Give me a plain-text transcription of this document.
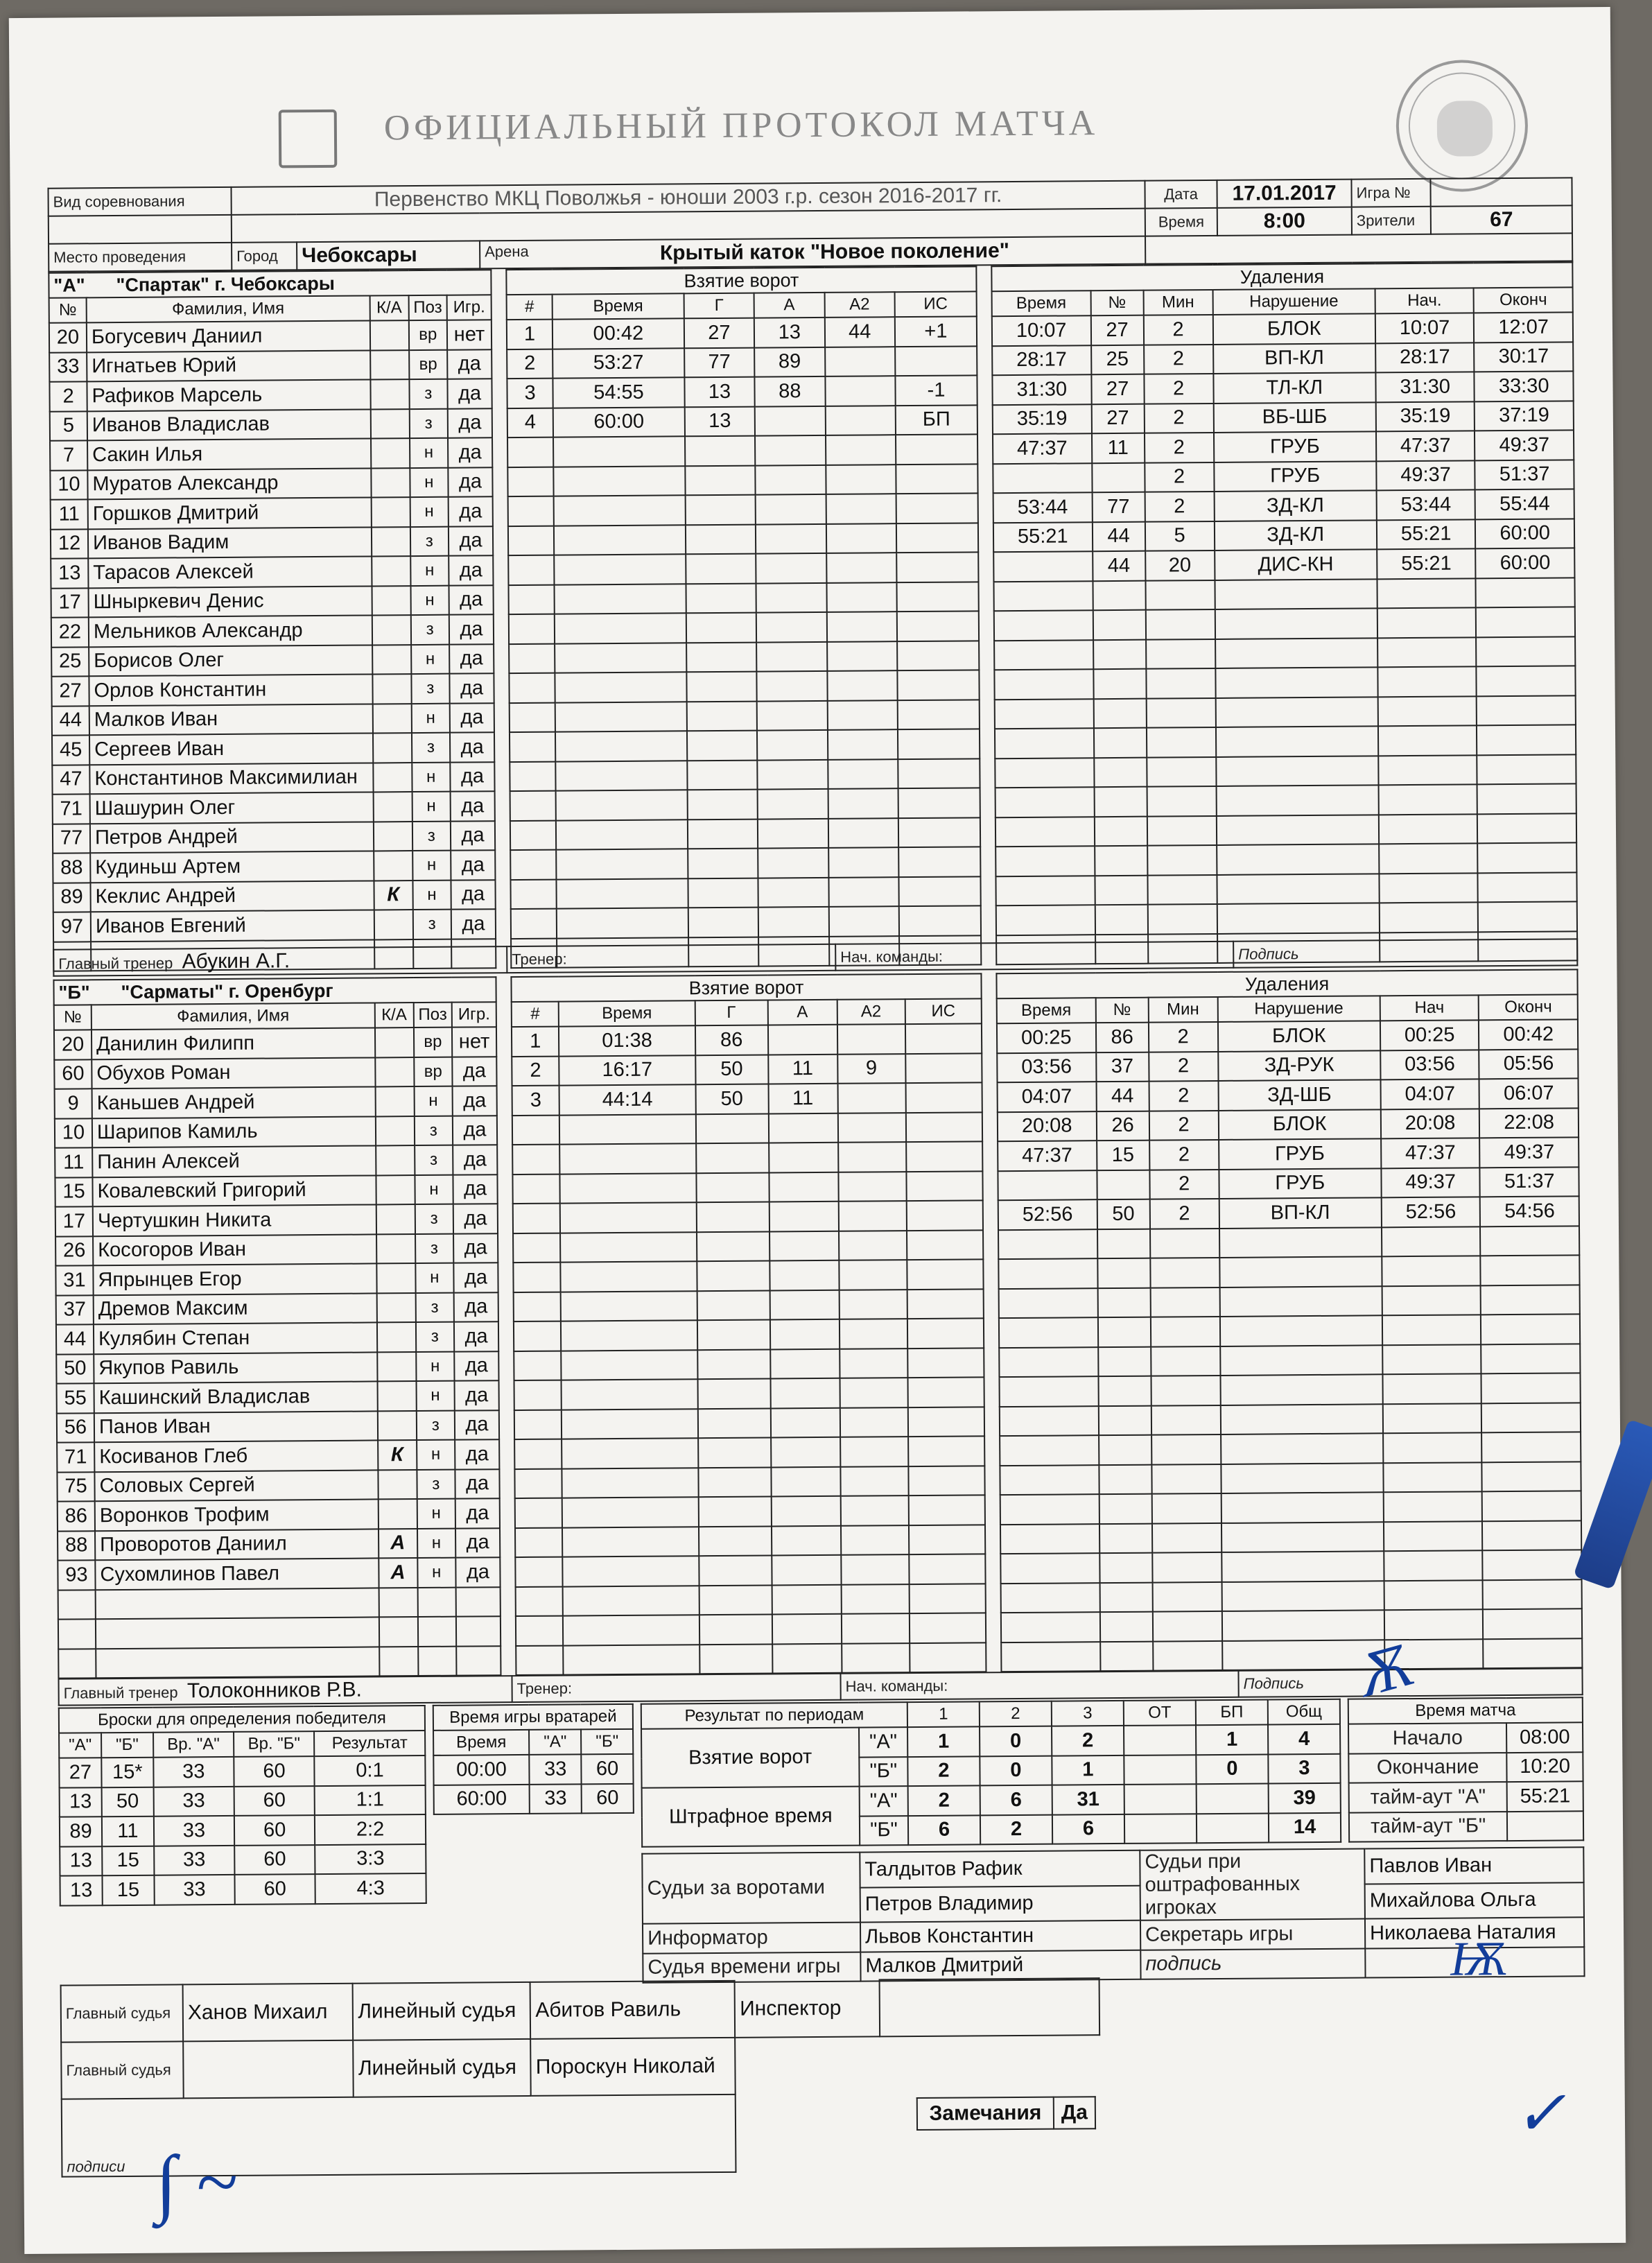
ОФИЦИАЛЬНЫЙ ПРОТОКОЛ МАТЧА
Вид соревнования	Первенство МКЦ Поволжья - юноши 2003 г.р. сезон 2016-2017 гг.			Дата	17.01.2017	Игра №	
				Время	8:00	Зрители	67
Место проведения	Город	Чебоксары	Арена Крытый каток "Новое поколение"				
"А" "Спартак" г. Чебоксары				
№	Фамилия, Имя	К/А	Поз	Игр.
20	Богусевич Даниил		вр	нет
33	Игнатьев Юрий		вр	да
2	Рафиков Марсель		з	да
5	Иванов Владислав		з	да
7	Сакин Илья		н	да
10	Муратов Александр		н	да
11	Горшков Дмитрий		н	да
12	Иванов Вадим		з	да
13	Тарасов Алексей		н	да
17	Шныркевич Денис		н	да
22	Мельников Александр		з	да
25	Борисов Олег		н	да
27	Орлов Константин		з	да
44	Малков Иван		н	да
45	Сергеев Иван		з	да
47	Константинов Максимилиан		н	да
71	Шашурин Олег		н	да
77	Петров Андрей		з	да
88	Кудиньш Артем		н	да
89	Кеклис Андрей	К	н	да
97	Иванов Евгений		з	да

Взятие ворот					
#	Время	Г	А	А2	ИС
1	00:42	27	13	44	+1
2	53:27	77	89		
3	54:55	13	88		-1
4	60:00	13			БП

Удаления					
Время	№	Мин	Нарушение	Нач.	Оконч
10:07	27	2	БЛОК	10:07	12:07
28:17	25	2	ВП-КЛ	28:17	30:17
31:30	27	2	ТЛ-КЛ	31:30	33:30
35:19	27	2	ВБ-ШБ	35:19	37:19
47:37	11	2	ГРУБ	47:37	49:37
		2	ГРУБ	49:37	51:37
53:44	77	2	ЗД-КЛ	53:44	55:44
55:21	44	5	ЗД-КЛ	55:21	60:00
	44	20	ДИС-КН	55:21	60:00

Главный тренер Абукин А.Г.	Тренер:	Нач. команды:	Подпись
"Б" "Сарматы" г. Оренбург				
№	Фамилия, Имя	К/А	Поз	Игр.
20	Данилин Филипп		вр	нет
60	Обухов Роман		вр	да
9	Каньшев Андрей		н	да
10	Шарипов Камиль		з	да
11	Панин Алексей		з	да
15	Ковалевский Григорий		н	да
17	Чертушкин Никита		з	да
26	Косогоров Иван		з	да
31	Япрынцев Егор		н	да
37	Дремов Максим		з	да
44	Кулябин Степан		з	да
50	Якупов Равиль		н	да
55	Кашинский Владислав		н	да
56	Панов Иван		з	да
71	Косиванов Глеб	К	н	да
75	Соловых Сергей		з	да
86	Воронков Трофим		н	да
88	Проворотов Даниил	А	н	да
93	Сухомлинов Павел	А	н	да

Взятие ворот					
#	Время	Г	А	А2	ИС
1	01:38	86			
2	16:17	50	11	9	
3	44:14	50	11		

Удаления					
Время	№	Мин	Нарушение	Нач	Оконч
00:25	86	2	БЛОК	00:25	00:42
03:56	37	2	ЗД-РУК	03:56	05:56
04:07	44	2	ЗД-ШБ	04:07	06:07
20:08	26	2	БЛОК	20:08	22:08
47:37	15	2	ГРУБ	47:37	49:37
		2	ГРУБ	49:37	51:37
52:56	50	2	ВП-КЛ	52:56	54:56

Главный тренер Толоконников Р.В.	Тренер:	Нач. команды:	Подпись
Броски для определения победителя				
"А"	"Б"	Вр. "А"	Вр. "Б"	Результат
27	15*	33	60	0:1
13	50	33	60	1:1
89	11	33	60	2:2
13	15	33	60	3:3
13	15	33	60	4:3
Время игры вратарей		
Время	"А"	"Б"
00:00	33	60
60:00	33	60
Результат по периодам		1	2	3	ОТ	БП	Общ
Взятие ворот	"А"	1	0	2		1	4
	"Б"	2	0	1		0	3
Штрафное время	"А"	2	6	31			39
	"Б"	6	2	6			14
Время матча	
Начало	08:00
Окончание	10:20
тайм-аут "А"	55:21
тайм-аут "Б"	
Судьи за воротами	Талдытов Рафик	Судьи при оштрафованных игроках	Павлов Иван
	Петров Владимир		Михайлова Ольга
Информатор	Львов Константин	Секретарь игры	Николаева Наталия
Судья времени игры	Малков Дмитрий	подпись	
Главный судья	Ханов Михаил	Линейный судья	Абитов Равиль	Инспектор	
Главный судья		Линейный судья	Пороскун Николай	
подписи	
Замечания	Да
Ѫ
Ѭ
∫ ~
✓
